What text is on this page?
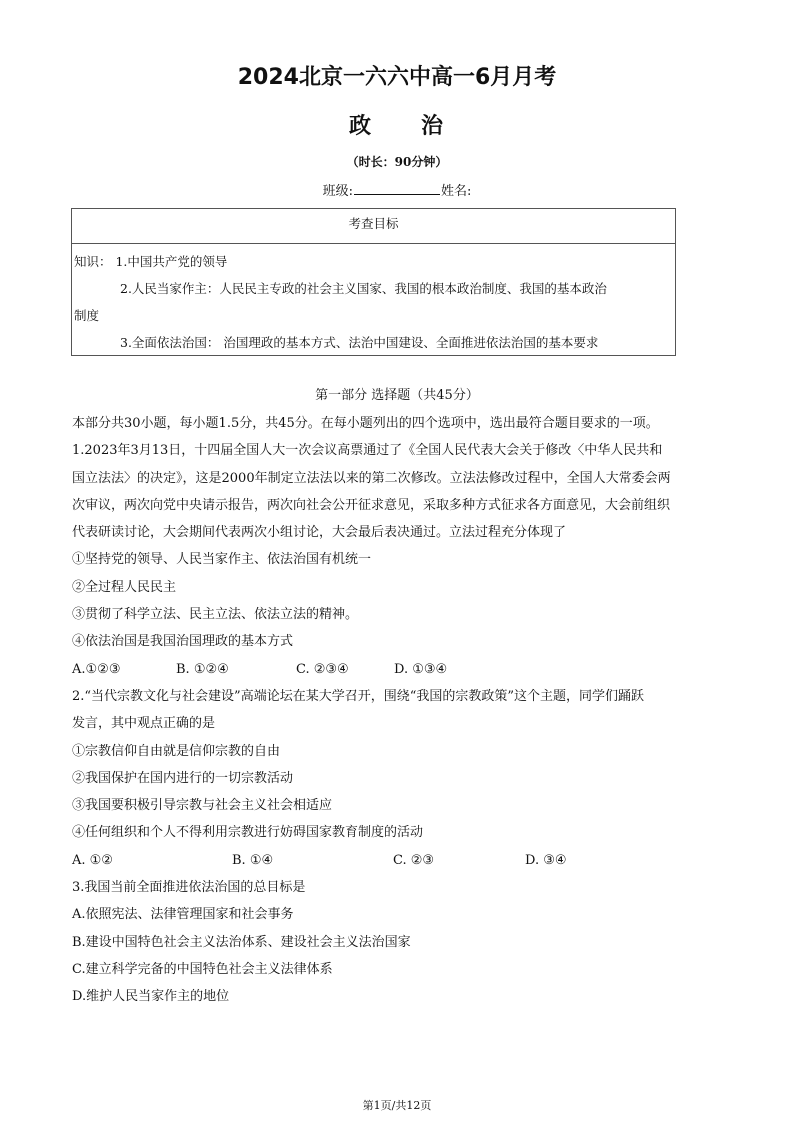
2024北京一六六中高一6月月考
政 治
（时长：90分钟）
班级:	姓名:
考查目标
知识： 1.中国共产党的领导
2.人民当家作主：人民民主专政的社会主义国家、我国的根本政治制度、我国的基本政治
制度
3.全面依法治国： 治国理政的基本方式、法治中国建设、全面推进依法治国的基本要求
第一部分 选择题（共45分）
本部分共30小题，每小题1.5分，共45分。在每小题列出的四个选项中，选出最符合题目要求的一项。
1.2023年3月13日，十四届全国人大一次会议高票通过了《全国人民代表大会关于修改〈中华人民共和
国立法法〉的决定》，这是2000年制定立法法以来的第二次修改。立法法修改过程中，全国人大常委会两
次审议，两次向党中央请示报告，两次向社会公开征求意见，采取多种方式征求各方面意见，大会前组织
代表研读讨论，大会期间代表两次小组讨论，大会最后表决通过。立法过程充分体现了
①坚持党的领导、人民当家作主、依法治国有机统一
②全过程人民民主
③贯彻了科学立法、民主立法、依法立法的精神。
④依法治国是我国治国理政的基本方式
A.①②③	B. ①②④	C. ②③④	D. ①③④
2.“当代宗教文化与社会建设”高端论坛在某大学召开，围绕“我国的宗教政策”这个主题，同学们踊跃
发言，其中观点正确的是
①宗教信仰自由就是信仰宗教的自由
②我国保护在国内进行的一切宗教活动
③我国要积极引导宗教与社会主义社会相适应
④任何组织和个人不得利用宗教进行妨碍国家教育制度的活动
A. ①②	B. ①④	C. ②③	D. ③④
3.我国当前全面推进依法治国的总目标是
A.依照宪法、法律管理国家和社会事务
B.建设中国特色社会主义法治体系、建设社会主义法治国家
C.建立科学完备的中国特色社会主义法律体系
D.维护人民当家作主的地位
第1页/共12页
